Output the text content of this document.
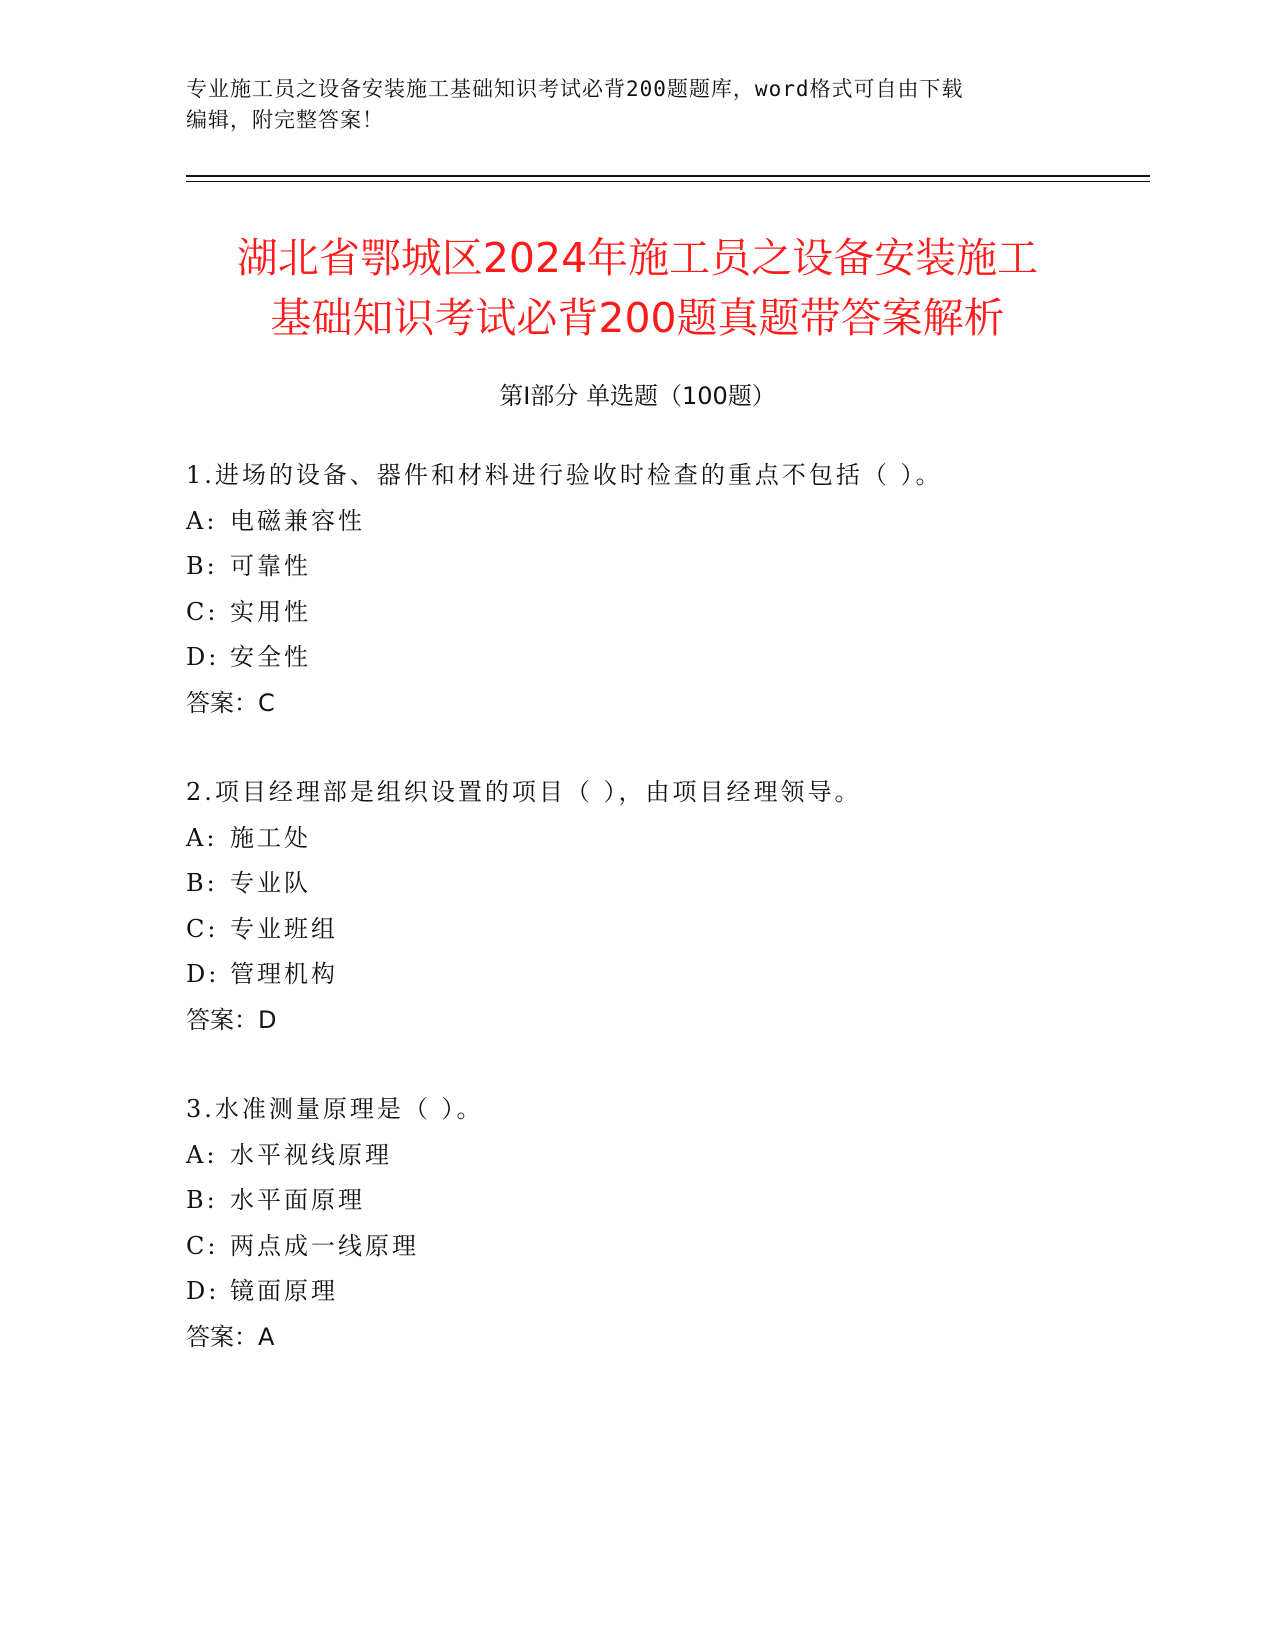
专业施工员之设备安装施工基础知识考试必背200题题库，word格式可自由下载
编辑，附完整答案！
湖北省鄂城区2024年施工员之设备安装施工
基础知识考试必背200题真题带答案解析
第Ⅰ部分 单选题（100题）
1.进场的设备、器件和材料进行验收时检查的重点不包括（ ）。
A: 电磁兼容性
B: 可靠性
C: 实用性
D: 安全性
答案：C
2.项目经理部是组织设置的项目（ ），由项目经理领导。
A: 施工处
B: 专业队
C: 专业班组
D: 管理机构
答案：D
3.水准测量原理是（ ）。
A: 水平视线原理
B: 水平面原理
C: 两点成一线原理
D: 镜面原理
答案：A
